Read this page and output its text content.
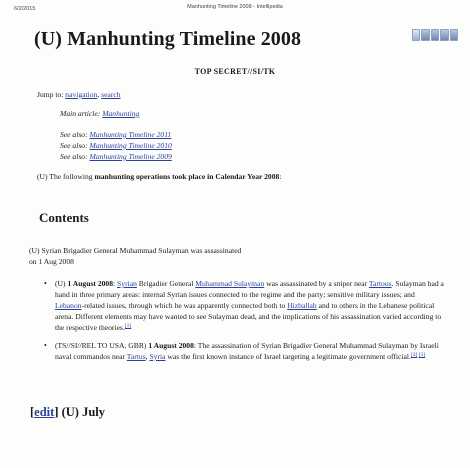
6/2/2015	Manhunting Timeline 2008 - Intellipedia
(U) Manhunting Timeline 2008
TOP SECRET//SI/TK
Jump to: navigation, search
Main article: Manhunting
See also: Manhunting Timeline 2011
See also: Manhunting Timeline 2010
See also: Manhunting Timeline 2009
(U) The following manhunting operations took place in Calendar Year 2008:
Contents
(U) Syrian Brigadier General Muhammad Sulayman was assassinated on 1 Aug 2008
• (U) 1 August 2008: Syrian Brigadier General Muhammad Sulayman was assassinated by a sniper near Tartous. Sulayman had a hand in three primary areas: internal Syrian issues connected to the regime and the party; sensitive military issues; and Lebanon-related issues, through which he was apparently connected both to Hizballah and to others in the Lebanese political arena. Different elements may have wanted to see Sulayman dead, and the implications of his assassination varied according to the respective theories.[1]
• (TS//SI//REL TO USA, GBR) 1 August 2008: The assassination of Syrian Brigadier General Muhammad Sulayman by Israeli naval commandos near Tartus, Syria was the first known instance of Israel targeting a legitimate government official.[2] [3]
[edit] (U) July
